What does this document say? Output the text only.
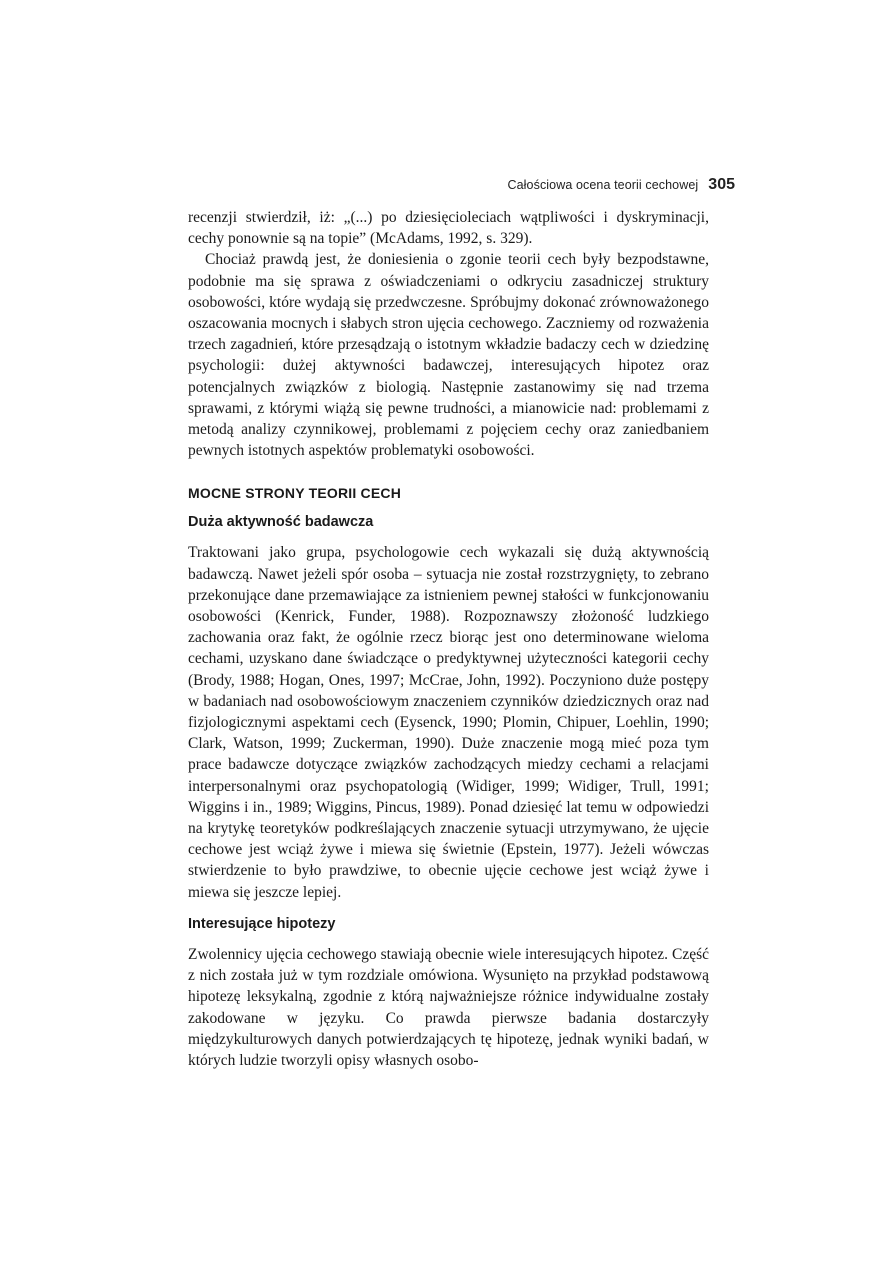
Całościowa ocena teorii cechowej 305

recenzji stwierdził, iż: „(...) po dziesięcioleciach wątpliwości i dyskryminacji, cechy ponownie są na topie” (McAdams, 1992, s. 329).

Chociaż prawdą jest, że doniesienia o zgonie teorii cech były bezpodstawne, podobnie ma się sprawa z oświadczeniami o odkryciu zasadniczej struktury osobowości, które wydają się przedwczesne. Spróbujmy dokonać zrównoważonego oszacowania mocnych i słabych stron ujęcia cechowego. Zaczniemy od rozważenia trzech zagadnień, które przesądzają o istotnym wkładzie badaczy cech w dziedzinę psychologii: dużej aktywności badawczej, interesujących hipotez oraz potencjalnych związków z biologią. Następnie zastanowimy się nad trzema sprawami, z którymi wiążą się pewne trudności, a mianowicie nad: problemami z metodą analizy czynnikowej, problemami z pojęciem cechy oraz zaniedbaniem pewnych istotnych aspektów problematyki osobowości.

MOCNE STRONY TEORII CECH
Duża aktywność badawcza

Traktowani jako grupa, psychologowie cech wykazali się dużą aktywnością badawczą. Nawet jeżeli spór osoba – sytuacja nie został rozstrzygnięty, to zebrano przekonujące dane przemawiające za istnieniem pewnej stałości w funkcjonowaniu osobowości (Kenrick, Funder, 1988). Rozpoznawszy złożoność ludzkiego zachowania oraz fakt, że ogólnie rzecz biorąc jest ono determinowane wieloma cechami, uzyskano dane świadczące o predyktywnej użyteczności kategorii cechy (Brody, 1988; Hogan, Ones, 1997; McCrae, John, 1992). Poczyniono duże postępy w badaniach nad osobowościowym znaczeniem czynników dziedzicznych oraz nad fizjologicznymi aspektami cech (Eysenck, 1990; Plomin, Chipuer, Loehlin, 1990; Clark, Watson, 1999; Zuckerman, 1990). Duże znaczenie mogą mieć poza tym prace badawcze dotyczące związków zachodzących miedzy cechami a relacjami interpersonalnymi oraz psychopatologią (Widiger, 1999; Widiger, Trull, 1991; Wiggins i in., 1989; Wiggins, Pincus, 1989). Ponad dziesięć lat temu w odpowiedzi na krytykę teoretyków podkreślających znaczenie sytuacji utrzymywano, że ujęcie cechowe jest wciąż żywe i miewa się świetnie (Epstein, 1977). Jeżeli wówczas stwierdzenie to było prawdziwe, to obecnie ujęcie cechowe jest wciąż żywe i miewa się jeszcze lepiej.

Interesujące hipotezy

Zwolennicy ujęcia cechowego stawiają obecnie wiele interesujących hipotez. Część z nich została już w tym rozdziale omówiona. Wysunięto na przykład podstawową hipotezę leksykalną, zgodnie z którą najważniejsze różnice indywidualne zostały zakodowane w języku. Co prawda pierwsze badania dostarczyły międzykulturowych danych potwierdzających tę hipotezę, jednak wyniki badań, w których ludzie tworzyli opisy własnych osobo-
